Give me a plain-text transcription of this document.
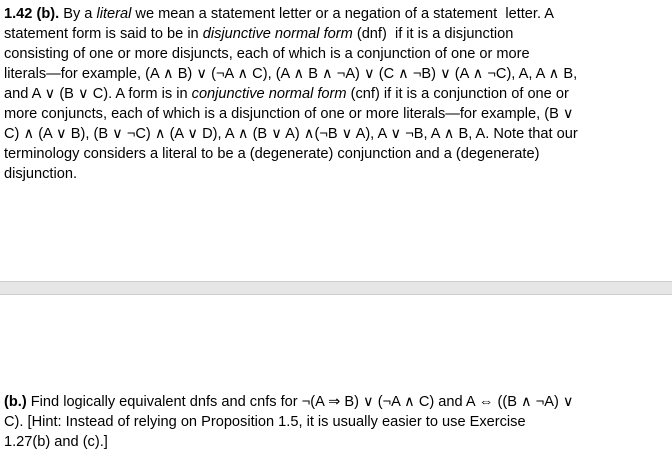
1.42 (b). By a literal we mean a statement letter or a negation of a statement  letter. A
statement form is said to be in disjunctive normal form (dnf)  if it is a disjunction
consisting of one or more disjuncts, each of which is a conjunction of one or more
literals—for example, (A ∧ B) ∨ (¬A ∧ C), (A ∧ B ∧ ¬A) ∨ (C ∧ ¬B) ∨ (A ∧ ¬C), A, A ∧ B,
and A ∨ (B ∨ C). A form is in conjunctive normal form (cnf) if it is a conjunction of one or
more conjuncts, each of which is a disjunction of one or more literals—for example, (B ∨
C) ∧ (A ∨ B), (B ∨ ¬C) ∧ (A ∨ D), A ∧ (B ∨ A) ∧(¬B ∨ A), A ∨ ¬B, A ∧ B, A. Note that our
terminology considers a literal to be a (degenerate) conjunction and a (degenerate)
disjunction.
(b.) Find logically equivalent dnfs and cnfs for ¬(A ⇒ B) ∨ (¬A ∧ C) and A ⇔ ((B ∧ ¬A) ∨
C). [Hint: Instead of relying on Proposition 1.5, it is usually easier to use Exercise
1.27(b) and (c).]
